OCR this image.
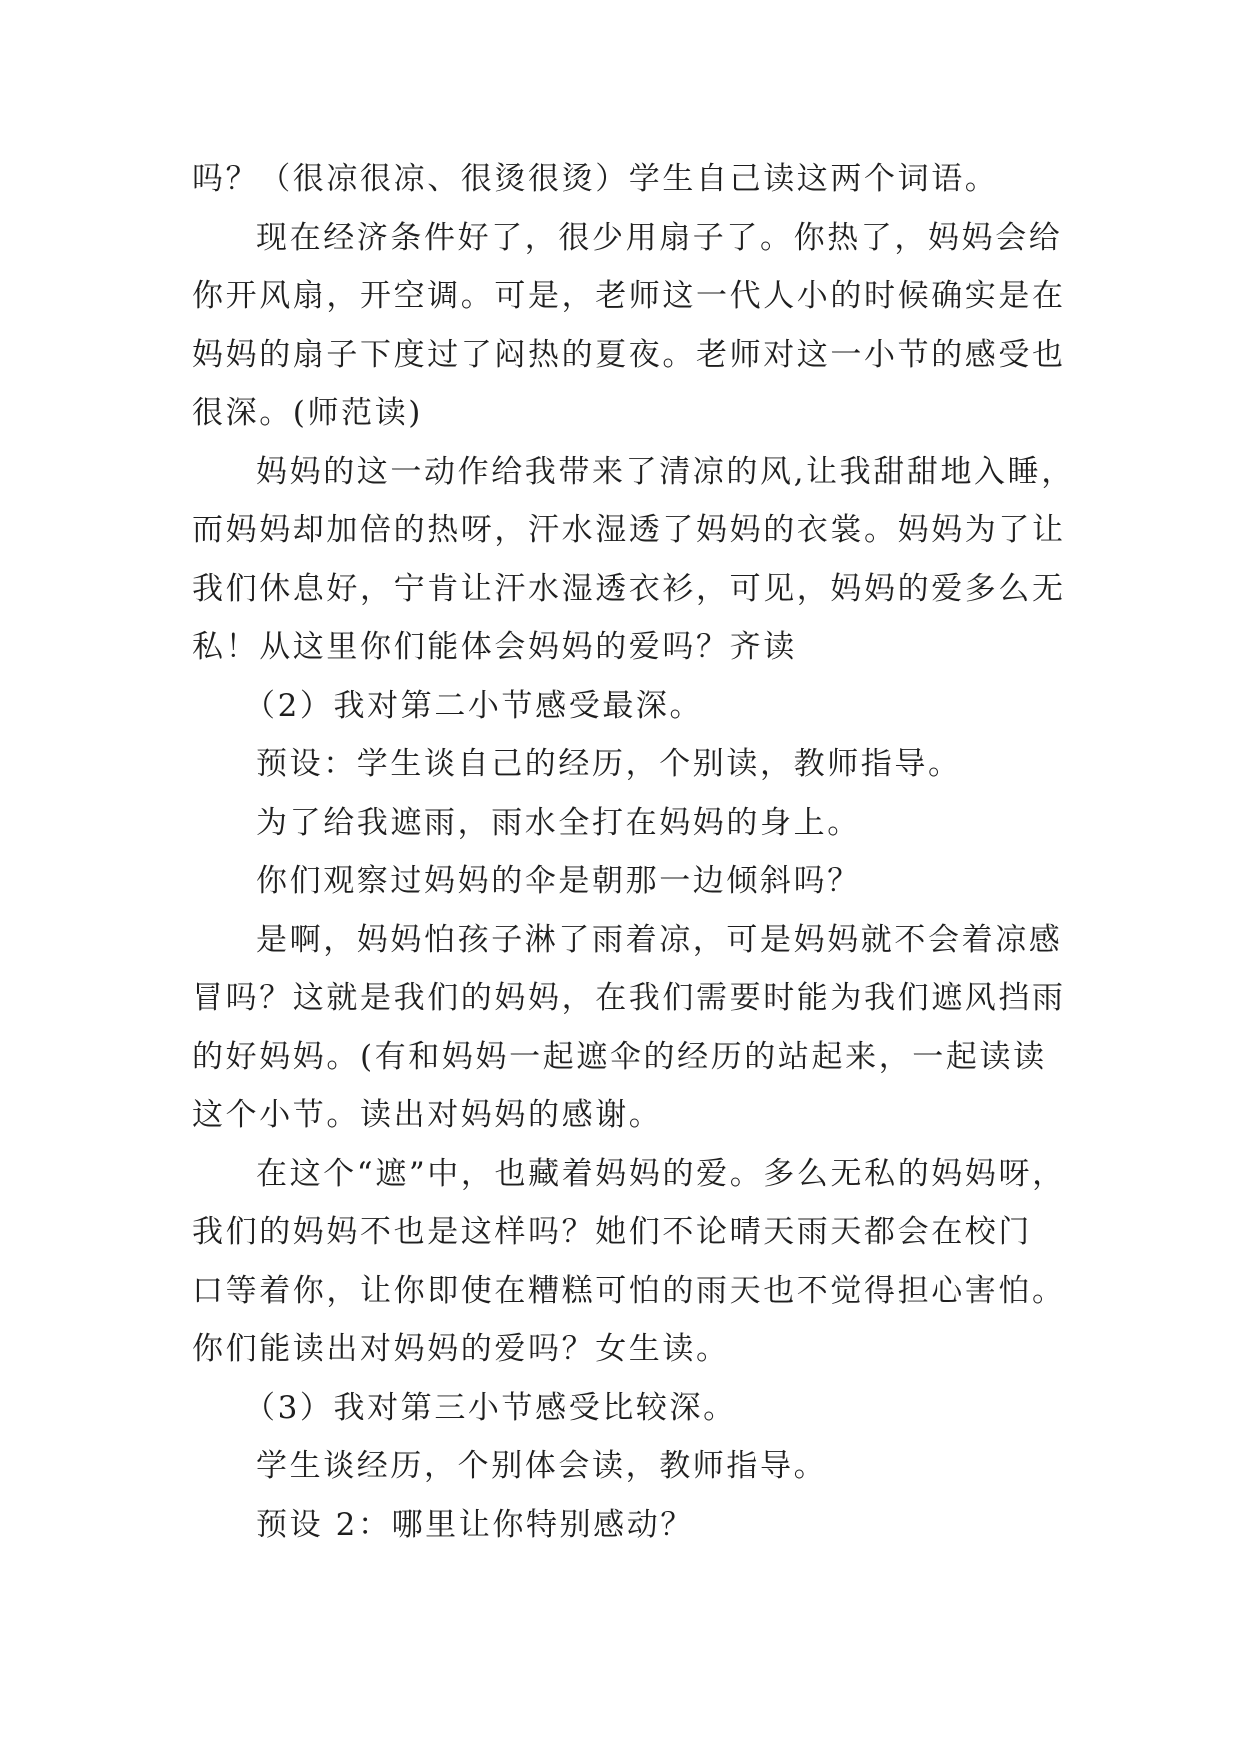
吗？（很凉很凉、很烫很烫）学生自己读这两个词语。

现在经济条件好了，很少用扇子了。你热了，妈妈会给
你开风扇，开空调。可是，老师这一代人小的时候确实是在
妈妈的扇子下度过了闷热的夏夜。老师对这一小节的感受也
很深。(师范读)

妈妈的这一动作给我带来了清凉的风,让我甜甜地入睡，
而妈妈却加倍的热呀，汗水湿透了妈妈的衣裳。妈妈为了让
我们休息好，宁肯让汗水湿透衣衫，可见，妈妈的爱多么无
私！从这里你们能体会妈妈的爱吗？齐读

（2）我对第二小节感受最深。

预设：学生谈自己的经历，个别读，教师指导。

为了给我遮雨，雨水全打在妈妈的身上。

你们观察过妈妈的伞是朝那一边倾斜吗？

是啊，妈妈怕孩子淋了雨着凉，可是妈妈就不会着凉感
冒吗？这就是我们的妈妈，在我们需要时能为我们遮风挡雨
的好妈妈。(有和妈妈一起遮伞的经历的站起来，一起读读
这个小节。读出对妈妈的感谢。

在这个“遮”中，也藏着妈妈的爱。多么无私的妈妈呀，
我们的妈妈不也是这样吗？她们不论晴天雨天都会在校门
口等着你，让你即使在糟糕可怕的雨天也不觉得担心害怕。
你们能读出对妈妈的爱吗？女生读。

（3）我对第三小节感受比较深。

学生谈经历，个别体会读，教师指导。

预设 2：哪里让你特别感动？
